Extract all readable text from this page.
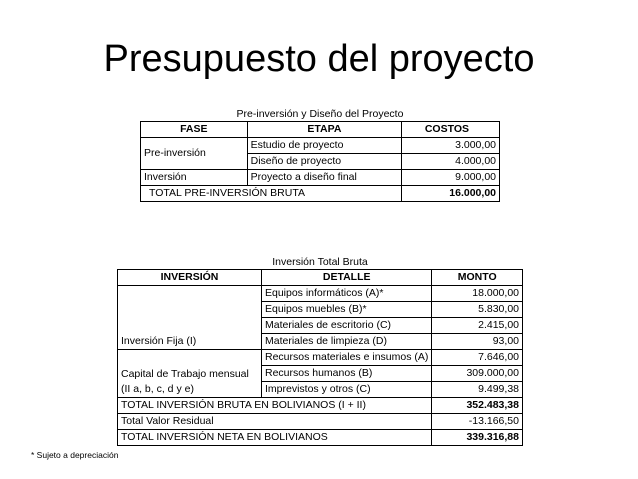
Presupuesto del proyecto
Pre-inversión y Diseño del Proyecto
FASE	ETAPA	COSTOS
Pre-inversión	Estudio de proyecto	3.000,00
	Diseño de proyecto	4.000,00
Inversión	Proyecto a diseño final	9.000,00
TOTAL PRE-INVERSIÓN BRUTA		16.000,00
Inversión Total Bruta
INVERSIÓN	DETALLE	MONTO
Inversión Fija (I)	Equipos informáticos (A)*	18.000,00
	Equipos muebles (B)*	5.830,00
	Materiales de escritorio (C)	2.415,00
	Materiales de limpieza (D)	93,00

Capital de Trabajo mensual
(II a, b, c, d y e)	Recursos materiales e insumos (A)	7.646,00
	Recursos humanos (B)	309.000,00
	Imprevistos y otros (C)	9.499,38
TOTAL INVERSIÓN BRUTA EN BOLIVIANOS (I + II)		352.483,38
Total Valor Residual		-13.166,50
TOTAL INVERSIÓN NETA EN BOLIVIANOS		339.316,88
* Sujeto a depreciación
